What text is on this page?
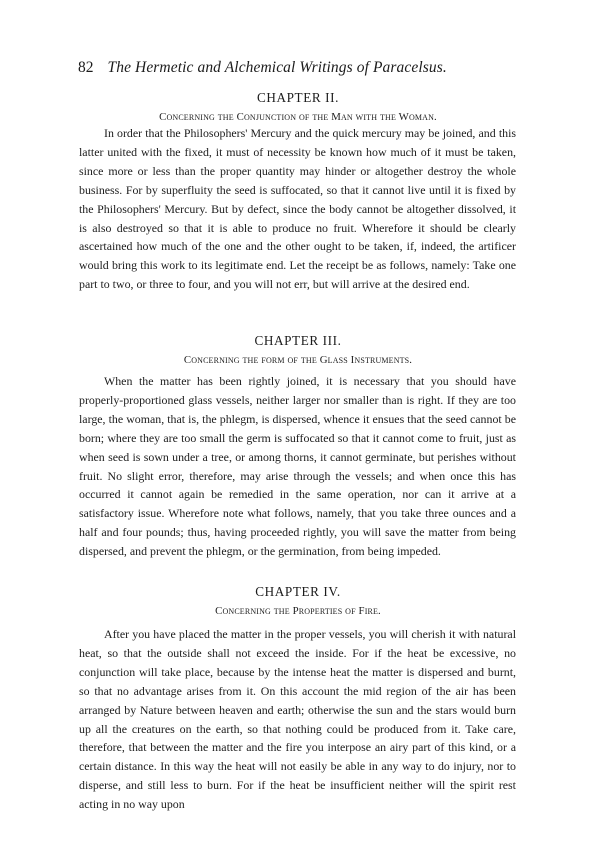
82 The Hermetic and Alchemical Writings of Paracelsus.
CHAPTER II.
Concerning the Conjunction of the Man with the Woman.

In order that the Philosophers' Mercury and the quick mercury may be joined, and this latter united with the fixed, it must of necessity be known how much of it must be taken, since more or less than the proper quantity may hinder or altogether destroy the whole business. For by superfluity the seed is suffocated, so that it cannot live until it is fixed by the Philosophers' Mercury. But by defect, since the body cannot be altogether dissolved, it is also destroyed so that it is able to produce no fruit. Wherefore it should be clearly ascertained how much of the one and the other ought to be taken, if, indeed, the artificer would bring this work to its legitimate end. Let the receipt be as follows, namely: Take one part to two, or three to four, and you will not err, but will arrive at the desired end.

CHAPTER III.
Concerning the form of the Glass Instruments.

When the matter has been rightly joined, it is necessary that you should have properly-proportioned glass vessels, neither larger nor smaller than is right. If they are too large, the woman, that is, the phlegm, is dispersed, whence it ensues that the seed cannot be born; where they are too small the germ is suffocated so that it cannot come to fruit, just as when seed is sown under a tree, or among thorns, it cannot germinate, but perishes without fruit. No slight error, therefore, may arise through the vessels; and when once this has occurred it cannot again be remedied in the same operation, nor can it arrive at a satisfactory issue. Wherefore note what follows, namely, that you take three ounces and a half and four pounds; thus, having proceeded rightly, you will save the matter from being dispersed, and prevent the phlegm, or the germination, from being impeded.

CHAPTER IV.
Concerning the Properties of Fire.

After you have placed the matter in the proper vessels, you will cherish it with natural heat, so that the outside shall not exceed the inside. For if the heat be excessive, no conjunction will take place, because by the intense heat the matter is dispersed and burnt, so that no advantage arises from it. On this account the mid region of the air has been arranged by Nature between heaven and earth; otherwise the sun and the stars would burn up all the creatures on the earth, so that nothing could be produced from it. Take care, therefore, that between the matter and the fire you interpose an airy part of this kind, or a certain distance. In this way the heat will not easily be able in any way to do injury, nor to disperse, and still less to burn. For if the heat be insufficient neither will the spirit rest acting in no way upon
